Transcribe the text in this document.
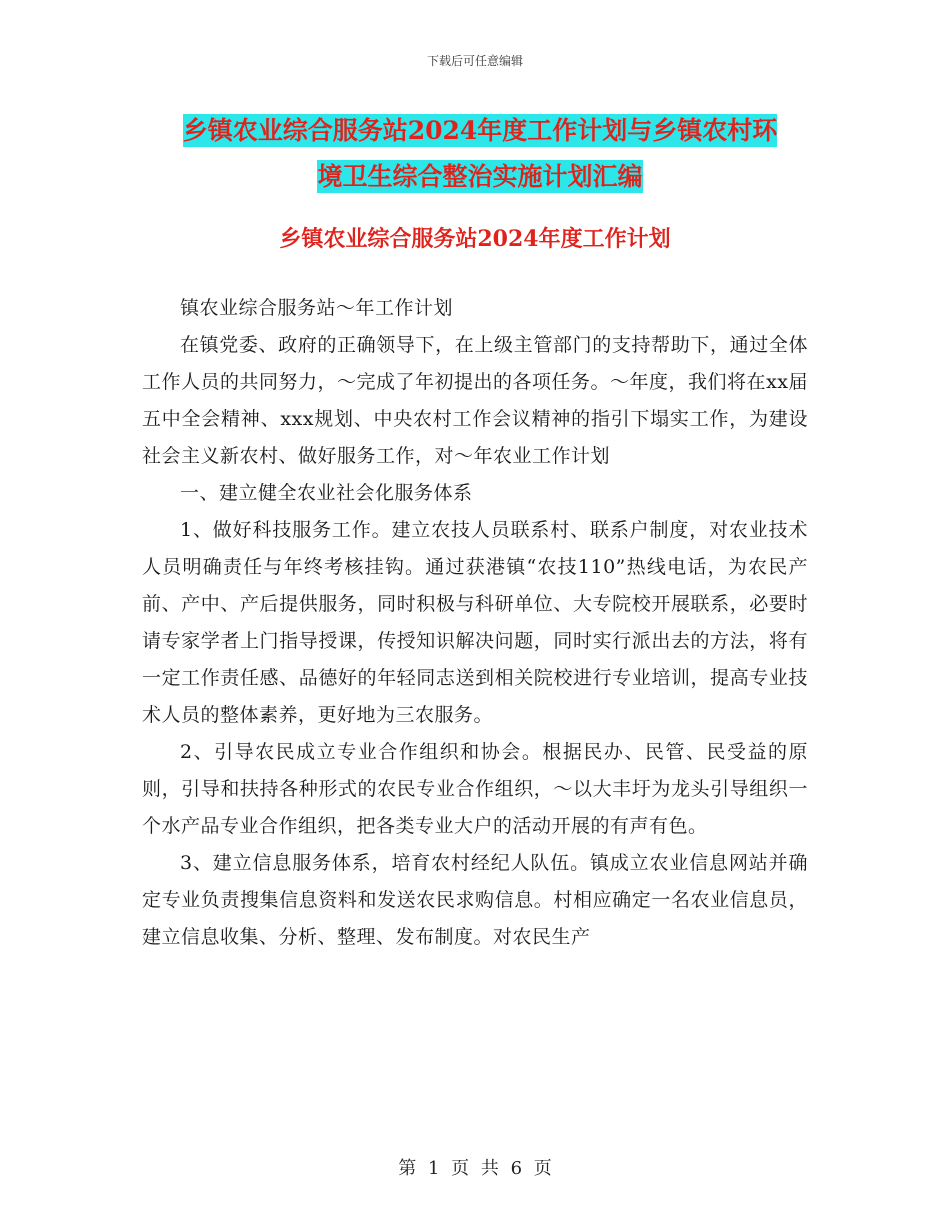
下载后可任意编辑
乡镇农业综合服务站2024年度工作计划与乡镇农村环
境卫生综合整治实施计划汇编
乡镇农业综合服务站2024年度工作计划

镇农业综合服务站～年工作计划

在镇党委、政府的正确领导下，在上级主管部门的支持帮助下，通过全体工作人员的共同努力，～完成了年初提出的各项任务。～年度，我们将在xx届五中全会精神、xxx规划、中央农村工作会议精神的指引下塌实工作，为建设社会主义新农村、做好服务工作，对～年农业工作计划

一、建立健全农业社会化服务体系

1、做好科技服务工作。建立农技人员联系村、联系户制度，对农业技术人员明确责任与年终考核挂钩。通过获港镇“农技110”热线电话，为农民产前、产中、产后提供服务，同时积极与科研单位、大专院校开展联系，必要时请专家学者上门指导授课，传授知识解决问题，同时实行派出去的方法，将有一定工作责任感、品德好的年轻同志送到相关院校进行专业培训，提高专业技术人员的整体素养，更好地为三农服务。

2、引导农民成立专业合作组织和协会。根据民办、民管、民受益的原则，引导和扶持各种形式的农民专业合作组织，～以大丰圩为龙头引导组织一个水产品专业合作组织，把各类专业大户的活动开展的有声有色。

3、建立信息服务体系，培育农村经纪人队伍。镇成立农业信息网站并确定专业负责搜集信息资料和发送农民求购信息。村相应确定一名农业信息员，建立信息收集、分析、整理、发布制度。对农民生产

第 1 页 共 6 页
